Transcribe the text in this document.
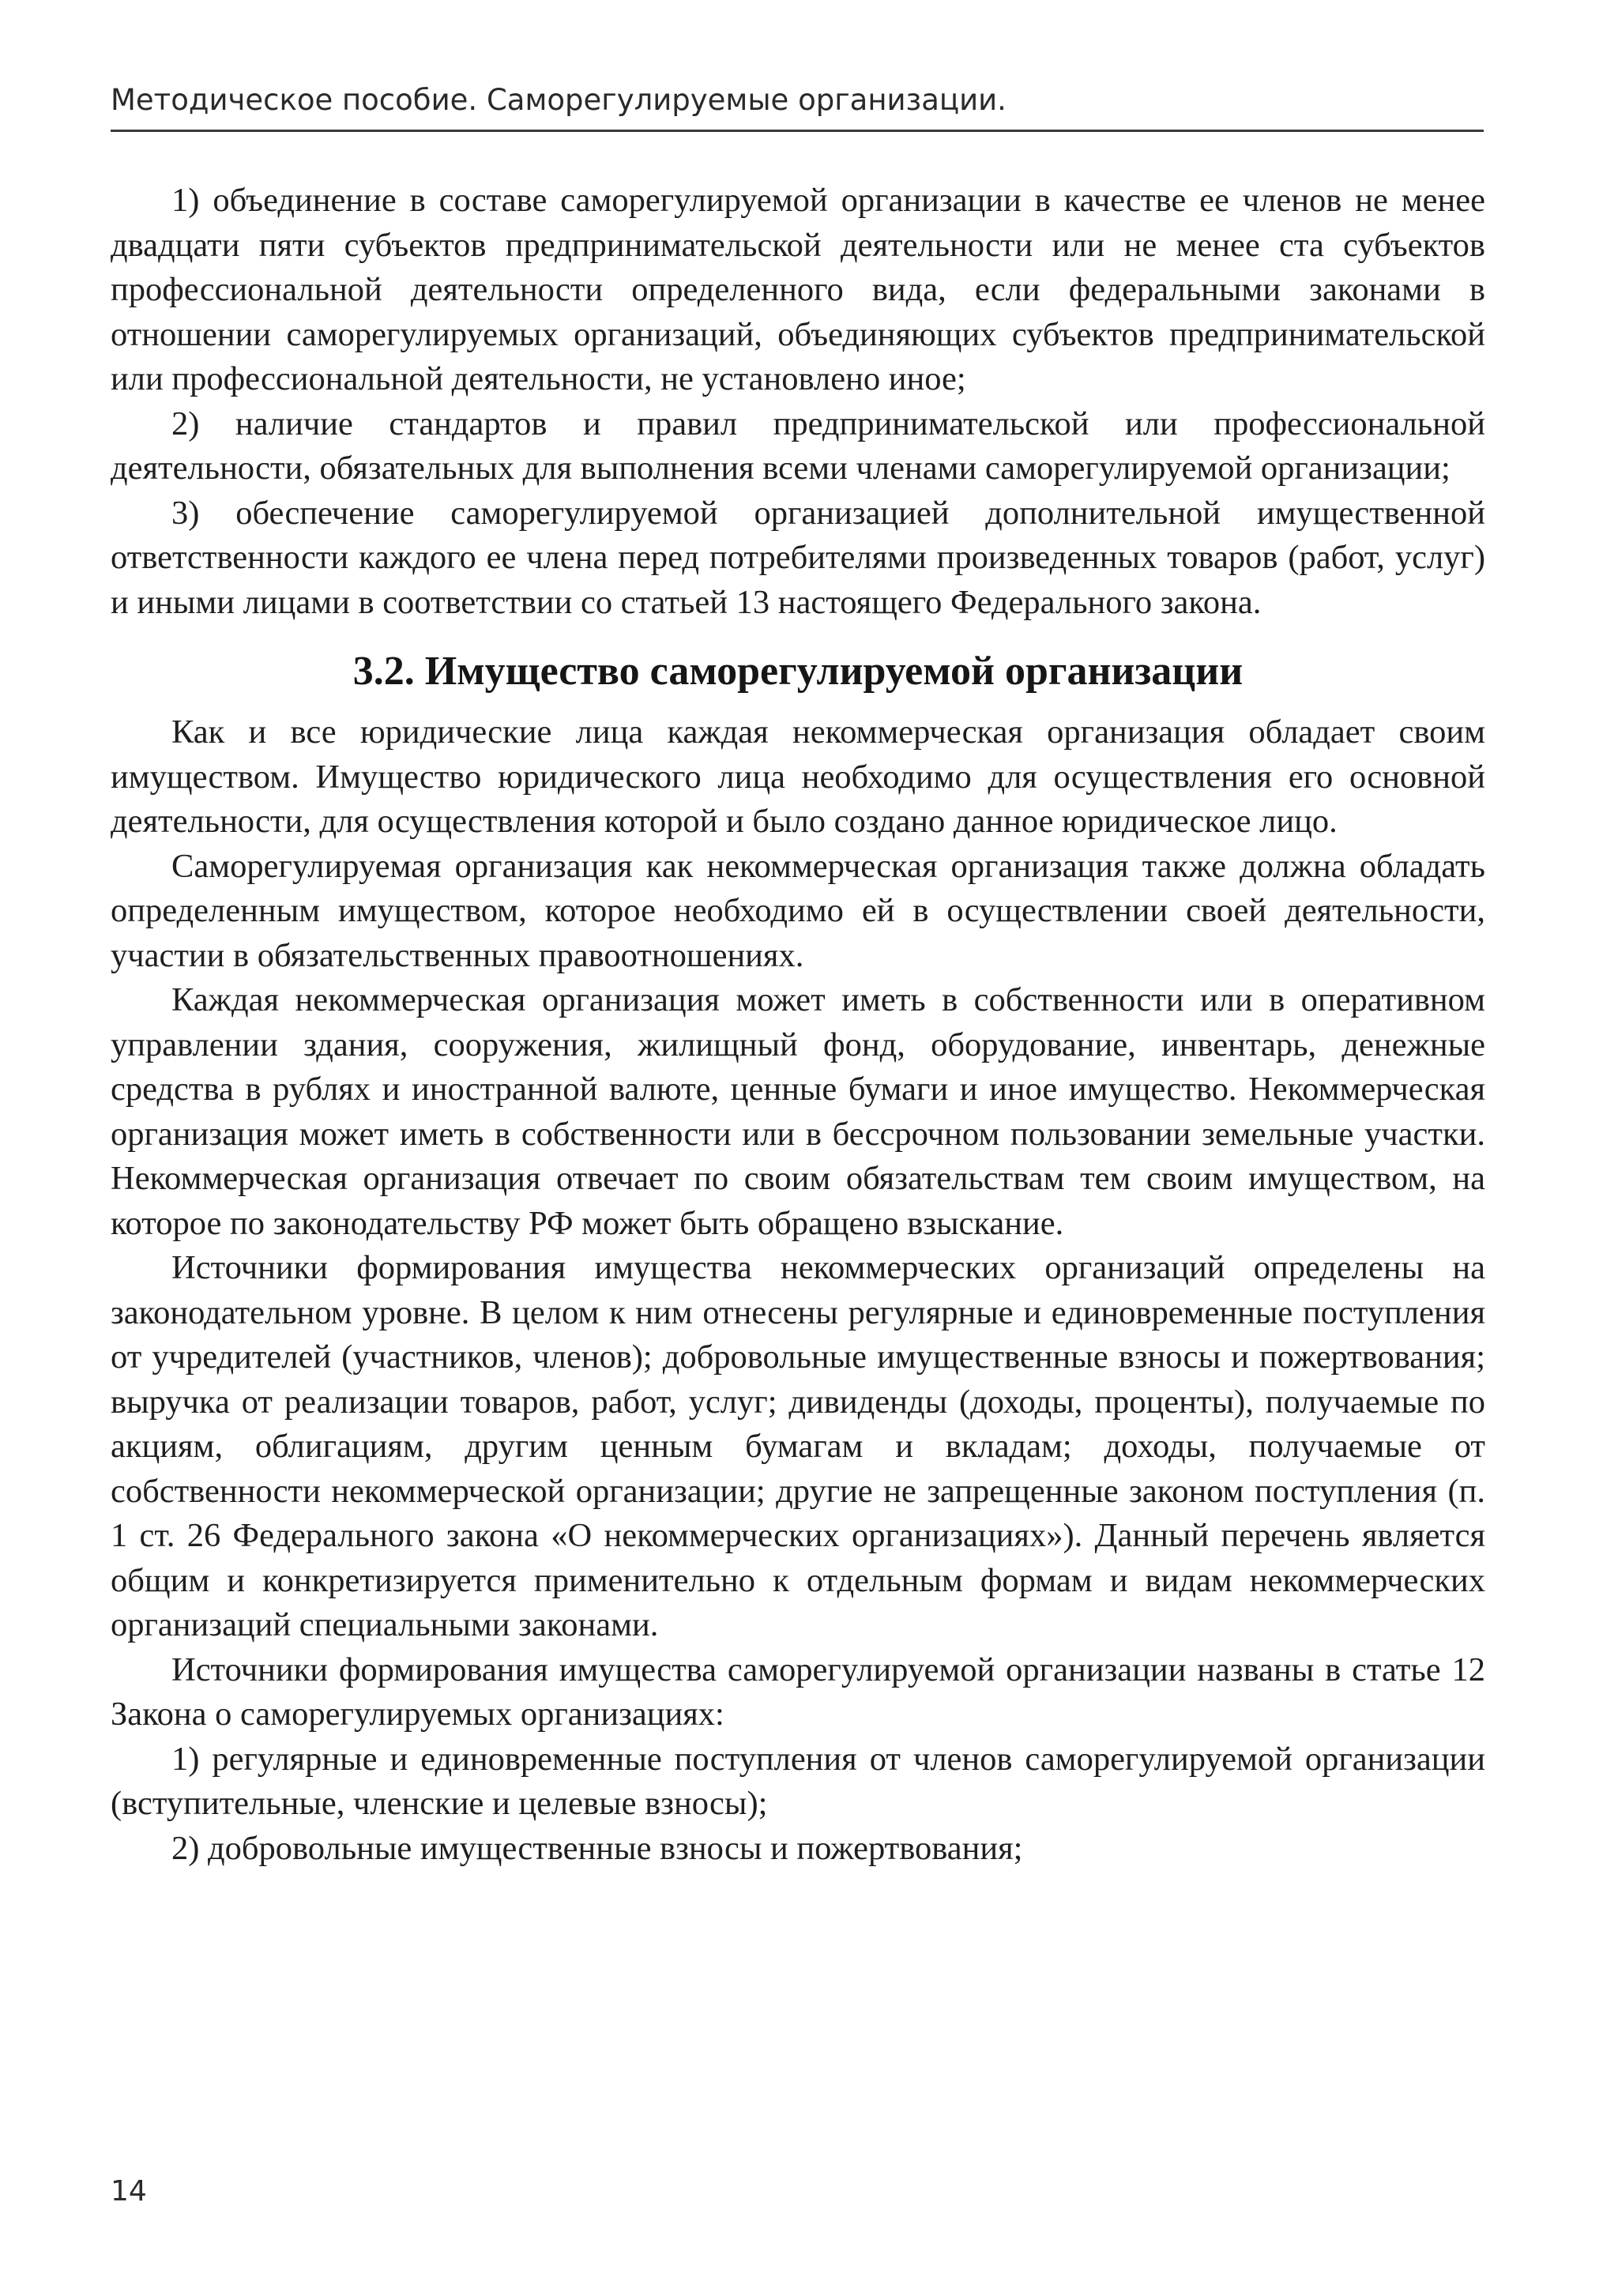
Методическое пособие. Саморегулируемые организации.

1) объединение в составе саморегулируемой организации в качестве ее членов не менее двадцати пяти субъектов предпринимательской деятельности или не менее ста субъектов профессиональной деятельности определенного вида, если федеральными законами в отношении саморегулируемых организаций, объединяющих субъектов предпринимательской или профессиональной деятельности, не установлено иное;

2) наличие стандартов и правил предпринимательской или профессиональной деятельности, обязательных для выполнения всеми членами саморегулируемой организации;

3) обеспечение саморегулируемой организацией дополнительной имущественной ответственности каждого ее члена перед потребителями произведенных товаров (работ, услуг) и иными лицами в соответствии со статьей 13 настоящего Федерального закона.

3.2. Имущество саморегулируемой организации

Как и все юридические лица каждая некоммерческая организация обладает своим имуществом. Имущество юридического лица необходимо для осуществления его основной деятельности, для осуществления которой и было создано данное юридическое лицо.

Саморегулируемая организация как некоммерческая организация также должна обладать определенным имуществом, которое необходимо ей в осуществлении своей деятельности, участии в обязательственных правоотношениях.

Каждая некоммерческая организация может иметь в собственности или в оперативном управлении здания, сооружения, жилищный фонд, оборудование, инвентарь, денежные средства в рублях и иностранной валюте, ценные бумаги и иное имущество. Некоммерческая организация может иметь в собственности или в бессрочном пользовании земельные участки. Некоммерческая организация отвечает по своим обязательствам тем своим имуществом, на которое по законодательству РФ может быть обращено взыскание.

Источники формирования имущества некоммерческих организаций определены на законодательном уровне. В целом к ним отнесены регулярные и единовременные поступления от учредителей (участников, членов); добровольные имущественные взносы и пожертвования; выручка от реализации товаров, работ, услуг; дивиденды (доходы, проценты), получаемые по акциям, облигациям, другим ценным бумагам и вкладам; доходы, получаемые от собственности некоммерческой организации; другие не запрещенные законом поступления (п. 1 ст. 26 Федерального закона «О некоммерческих организациях»). Данный перечень является общим и конкретизируется применительно к отдельным формам и видам некоммерческих организаций специальными законами.

Источники формирования имущества саморегулируемой организации названы в статье 12 Закона о саморегулируемых организациях:

1) регулярные и единовременные поступления от членов саморегулируемой организации (вступительные, членские и целевые взносы);

2) добровольные имущественные взносы и пожертвования;

14
